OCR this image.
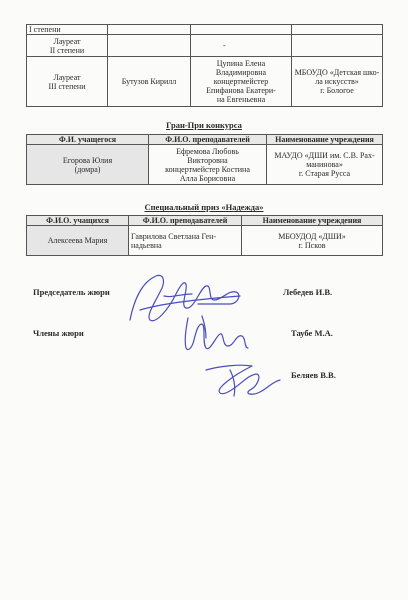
I степени			
Лауреат
II степени		-	
Лауреат
III степени	Бутузов Кирилл	Цупина Елена
Владимировна
концертмейстер
Епифанова Екатери-
на Евгеньевна	МБОУДО «Детская шко-
ла искусств»
г. Бологое
Гран-При конкурса
Ф.И. учащегося	Ф.И.О. преподавателей	Наименование учреждения
Егорова Юлия
(домра)	Ефремова Любовь
Викторовна
концертмейстер Костина
Алла Борисовна	МАУДО «ДШИ им. С.В. Рах-
манинова»
г. Старая Русса
Специальный приз «Надежда»
Ф.И.О. учащихся	Ф.И.О. преподавателей	Наименование учреждения
Алексеева Мария	Гаврилова Светлана Ген-
надьевна	МБОУДОД «ДШИ»
г. Псков
Председатель жюри	Лебедев И.В.
Члены жюри	Таубе М.А.
Беляев В.В.
